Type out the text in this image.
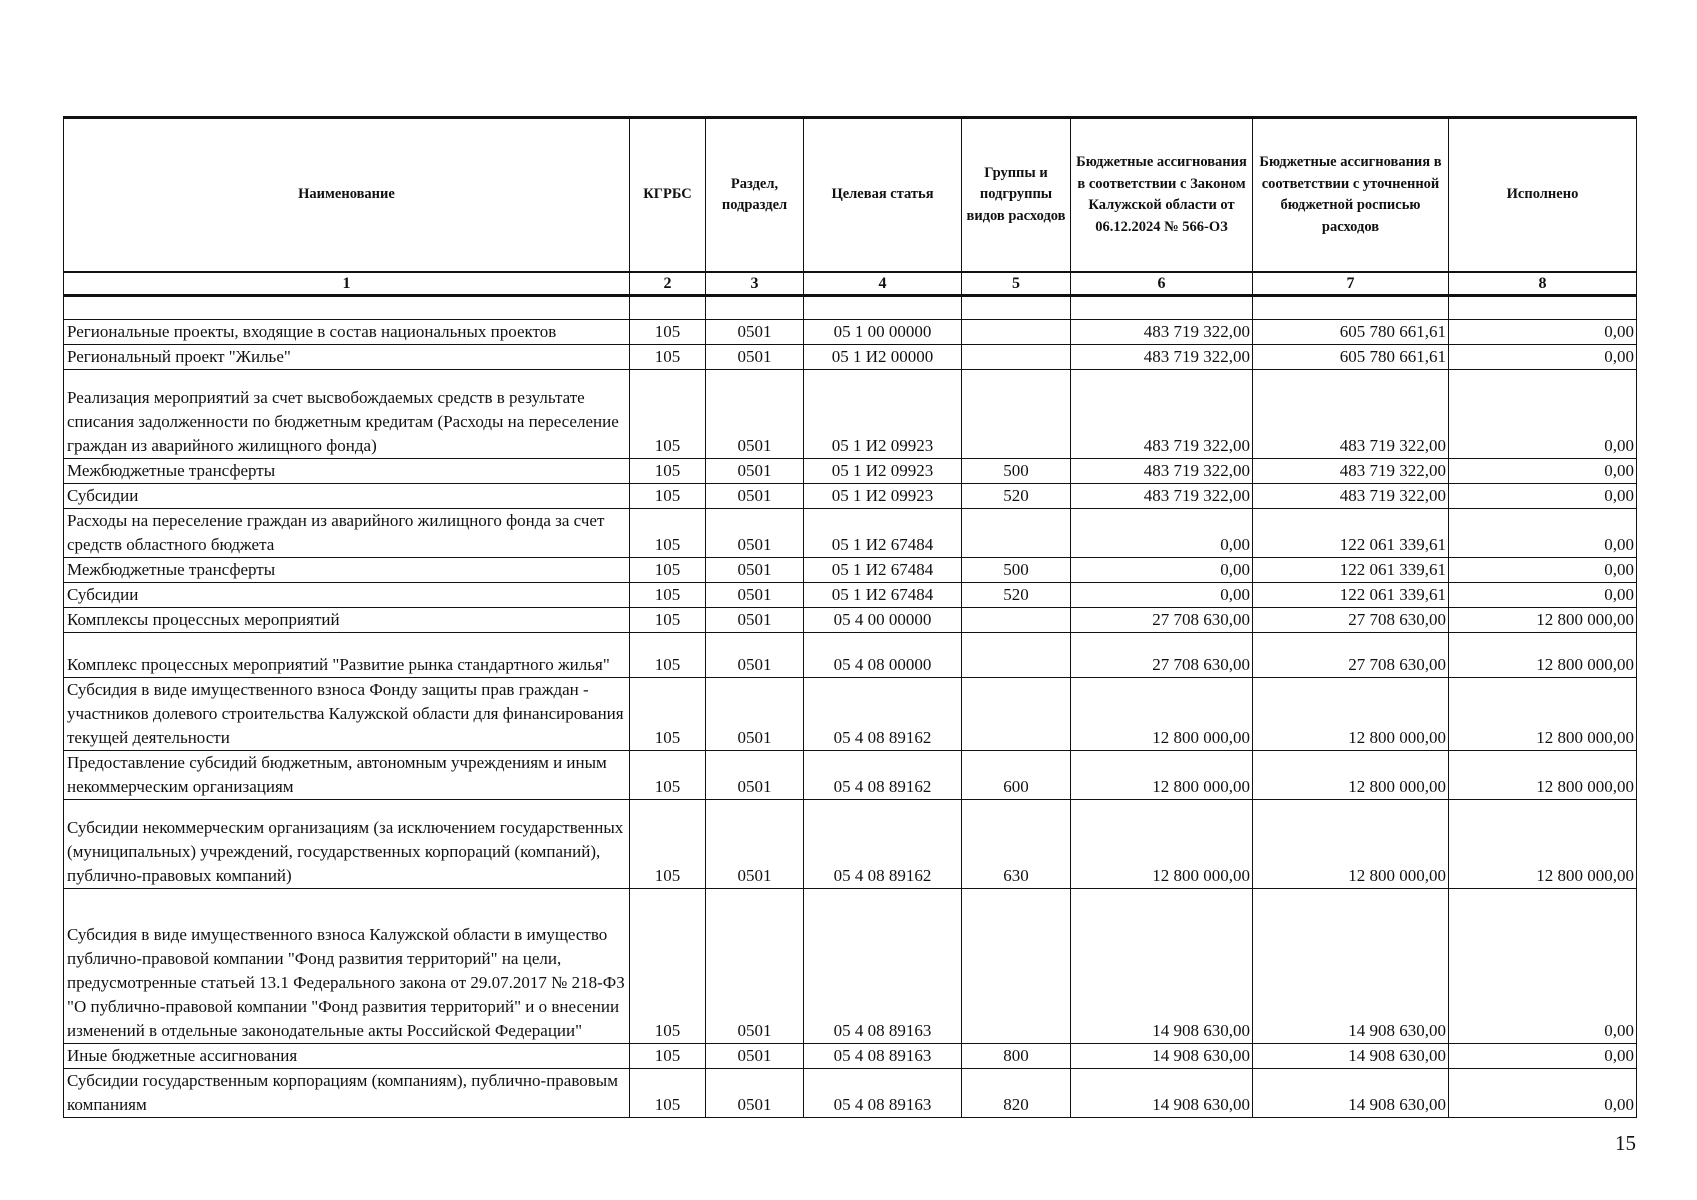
Наименование	КГРБС	Раздел, подраздел	Целевая статья	Группы и подгруппы видов расходов	Бюджетные ассигнования в соответствии с Законом Калужской области от 06.12.2024 № 566-ОЗ	Бюджетные ассигнования в соответствии с уточненной бюджетной росписью расходов	Исполнено
1	2	3	4	5	6	7	8

Региональные проекты, входящие в состав национальных проектов	105	0501	05 1 00 00000		483 719 322,00	605 780 661,61	0,00
Региональный проект "Жилье"	105	0501	05 1 И2 00000		483 719 322,00	605 780 661,61	0,00
Реализация мероприятий за счет высвобождаемых средств в результате списания задолженности по бюджетным кредитам (Расходы на переселение граждан из аварийного жилищного фонда)	105	0501	05 1 И2 09923		483 719 322,00	483 719 322,00	0,00
Межбюджетные трансферты	105	0501	05 1 И2 09923	500	483 719 322,00	483 719 322,00	0,00
Субсидии	105	0501	05 1 И2 09923	520	483 719 322,00	483 719 322,00	0,00
Расходы на переселение граждан из аварийного жилищного фонда за счет средств областного бюджета	105	0501	05 1 И2 67484		0,00	122 061 339,61	0,00
Межбюджетные трансферты	105	0501	05 1 И2 67484	500	0,00	122 061 339,61	0,00
Субсидии	105	0501	05 1 И2 67484	520	0,00	122 061 339,61	0,00
Комплексы процессных мероприятий	105	0501	05 4 00 00000		27 708 630,00	27 708 630,00	12 800 000,00
Комплекс процессных мероприятий "Развитие рынка стандартного жилья"	105	0501	05 4 08 00000		27 708 630,00	27 708 630,00	12 800 000,00
Субсидия в виде имущественного взноса Фонду защиты прав граждан - участников долевого строительства Калужской области для финансирования текущей деятельности	105	0501	05 4 08 89162		12 800 000,00	12 800 000,00	12 800 000,00
Предоставление субсидий бюджетным, автономным учреждениям и иным некоммерческим организациям	105	0501	05 4 08 89162	600	12 800 000,00	12 800 000,00	12 800 000,00
Субсидии некоммерческим организациям (за исключением государственных (муниципальных) учреждений, государственных корпораций (компаний), публично-правовых компаний)	105	0501	05 4 08 89162	630	12 800 000,00	12 800 000,00	12 800 000,00
Субсидия в виде имущественного взноса Калужской области в имущество публично-правовой компании "Фонд развития территорий" на цели, предусмотренные статьей 13.1 Федерального закона от 29.07.2017 № 218-ФЗ "О публично-правовой компании "Фонд развития территорий" и о внесении изменений в отдельные законодательные акты Российской Федерации"	105	0501	05 4 08 89163		14 908 630,00	14 908 630,00	0,00
Иные бюджетные ассигнования	105	0501	05 4 08 89163	800	14 908 630,00	14 908 630,00	0,00
Субсидии государственным корпорациям (компаниям), публично-правовым компаниям	105	0501	05 4 08 89163	820	14 908 630,00	14 908 630,00	0,00
15
